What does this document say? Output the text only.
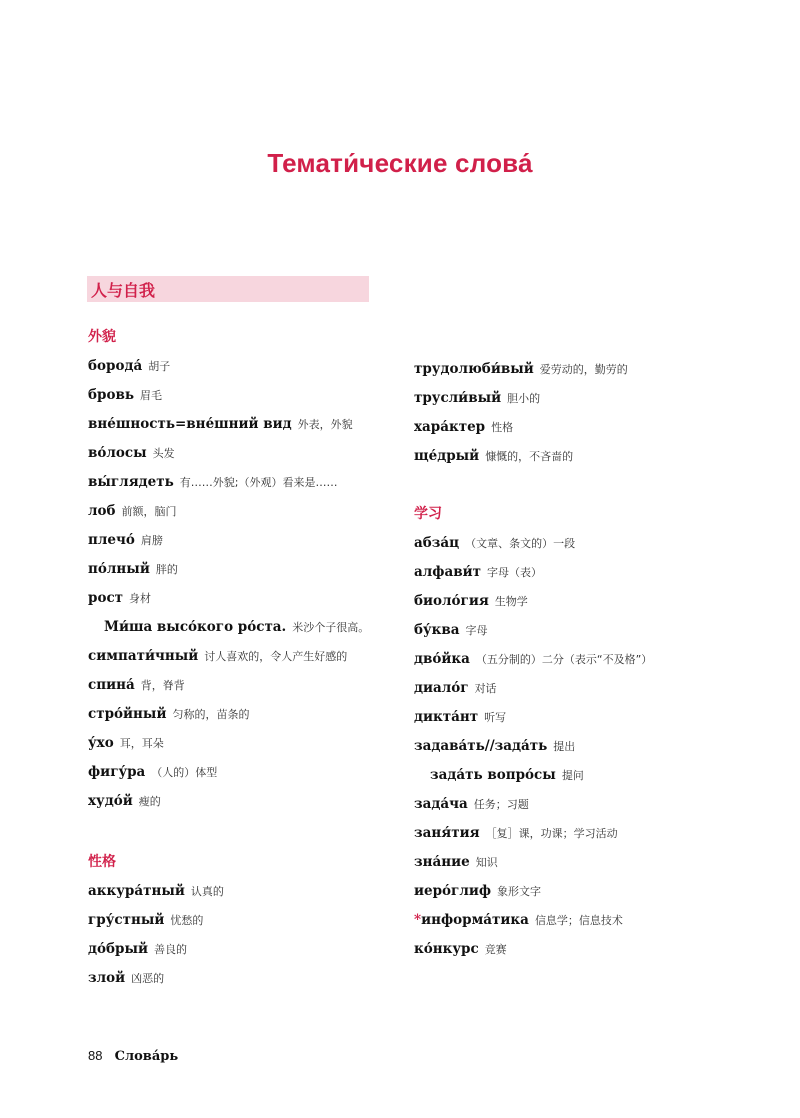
Темати́ческие слова́
人与自我
外貌
борода́ 胡子
бровь 眉毛
вне́шность=вне́шний вид 外表，外貌
во́лосы 头发
вы́глядеть 有……外貌;（外观）看来是……
лоб 前额，脑门
плечо́ 肩膀
по́лный 胖的
рост 身材
Ми́ша высо́кого ро́ста. 米沙个子很高。
симпати́чный 讨人喜欢的，令人产生好感的
спина́ 背，脊背
стро́йный 匀称的，苗条的
у́хо 耳，耳朵
фигу́ра （人的）体型
худо́й 瘦的
性格
аккура́тный 认真的
гру́стный 忧愁的
до́брый 善良的
злой 凶恶的
трудолюби́вый 爱劳动的，勤劳的
трусли́вый 胆小的
хара́ктер 性格
ще́дрый 慷慨的，不吝啬的
学习
абза́ц （文章、条文的）一段
алфави́т 字母（表）
биоло́гия 生物学
бу́ква 字母
дво́йка （五分制的）二分（表示“不及格”）
диало́г 对话
дикта́нт 听写
задава́ть//зада́ть 提出
зада́ть вопро́сы 提问
зада́ча 任务；习题
заня́тия ［复］课，功课；学习活动
зна́ние 知识
иеро́глиф 象形文字
*информа́тика 信息学；信息技术
ко́нкурс 竞赛
88 Слова́рь
